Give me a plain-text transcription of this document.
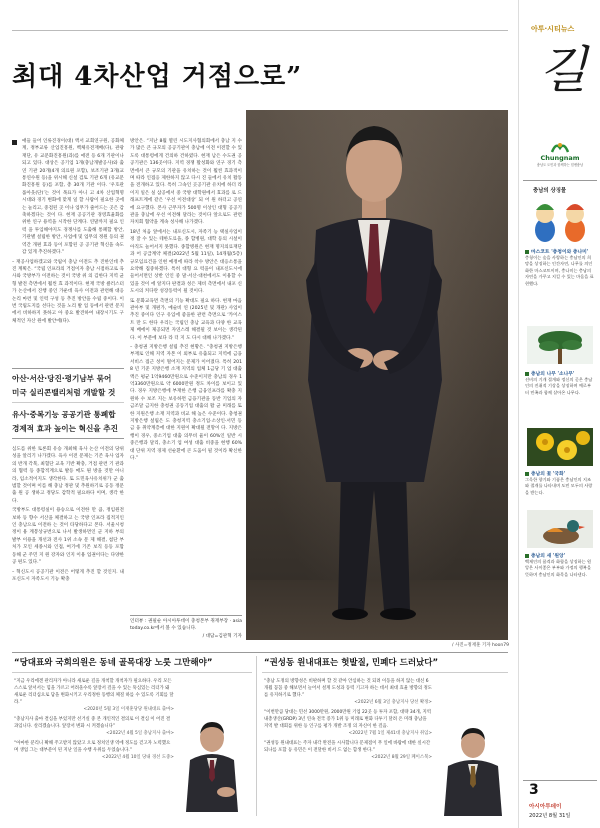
최대 4차산업 거점으로”
애들 들어 인류진경이(대) 액서 교회연구원, 공화체계, 정부교류 산업진흥원, 벡체유전재배(다), 관광재단, 유 교문화진흥원(과)를 애전 등 6개 기관이나 되고 있다. 대상은 공기업 1개(충남개발공사)와 출연 기관 20개(4개 의료원 포함), 보조기관 3개(교통연수원 등)을 위시해 신설 검토 기관 6개 (유교문화진흥원 등)를 포함, 총 30개 기관 이다. ‘우호관 롤아웃(단)’는 것이 목표가 아니 고 4차 산업혁명 시대와 경기 변화에 맞게 일 할 사람이 필요한 곳에는 늘리고, 중점된 곳 이나 업무가 줄어드는 곳은 감축하겠다는 것이 다. 현재 공공기관 경영효율화를 위한 연구 용역을 시작한 단계다. 연말까지 필요 인력 을 투입해야지도 경쟁사를 도출해 통폐합 방안, 기관별 설립한 방안, 사업에 및 업무의 정원 등의 권역간 개편 효과 등이 포함된 공 공기관 혁신을 속도감 있게 추진하겠다.”
– 재공사업하겠고와 국립이 충남 이전도 추 진한인데 추진 계획은. “국립 인프라의 거점이자 충남 시점하고로 육사와 국방부가 이전하는 것이 국방 위 의 김한다 지역 균형 발전 측면에서 훨씬 효 과적이다. 현재 국방 클러스터가 논산에서 진행 중인 가운데 육사 이전과 관련해 대응 논리 마련 및 인력 구성 등 추진 방안을 수립 중이다. 이번 국립도지를 선다는 것을 노리 발 업 등에서 관련 문지에서 비하하지 못하고 아 중요 발견하여 내장시기도 구체적인 자산 원에 발안에(다).
아산·서산·당진·평기남부 묶어
미국 실리콘밸리처럼 개발할 것
유사·중복기능 공공기관 통폐합
경제적 효과 높이는 혁신을 추진
심도를 위한 토론회 유승 개최해 육사 논산 이전의 당위성을 알리기 나가겠다. 육사 이전 문제는 기존 육사 업자의 반개 각북, 최혈단 교육 기반 확충, 거점 관련 기 관과의 협력 등 종합적계으로 발등 매도 뭔 방을 것만 아니라, 임소적이지도 생각한다. 또 도민육사유치위가 군 출범할 것이며 이를 해 충남 정관 및 추원하기로 공동 정문 출 원 공 생하고 정당도 감학적 필요하다 이며, 생각 한다.
국방부도 대통령실이 용승으로 이전한 만 큼, 정임원전보하 등 향수 서산을 체결하고 는 국방 인프라 집적지인인 충남으로 이전하 는 것이 타당하다고 본다. 서울시청정이 용 계봉상규번으로 나서 발생하면인 군 지하 부의 발부 이용을 개선과 전사 1위 소속 문 제 해결, 첨단 부처가 모인 세종시와 인접, 여기에 기존 보직 등등 포함 동해 군 주민 지 원 강자와 인지 이용 업권이다는 다양한 공 편도 있다.”
– 혁신도시 공공기관 이전은 어떻게 추진 할 것인지. 내포신도시 자족도시 기능 확충
방안은. “지난 8월 열린 시도지사협의회에서 충남 지 수가 많은 큰 규모의 공공기관이 충남에 이전 이전할 수 있도록 대통령에게 건의하 건하였다. 현재 남은 수도권 공공기관은 136곳이다. 지역 경쟁 활성화와 연구 경기 측면에서 큰 규모의 기관을 유치하는 것이 훨씬 효과적이며 따라 인접응 제한하지 않고 다시 진 들에서 유치 활동을 전개하고 있다. 특히 그속인 곳공기관 유치에 하더 라이지 일은 실 삼공에서 중 국방 대학원에서 효과를 로 드래프트계에 같은 ‘우선 이전대상’ 되 어 원 하더고 공연에 요구했다. 본사 근무자가 500명 이상인 대형 공공기관을 충남에 우선 이전해 달라는 것이다 앞으로도 관련 자치회 협약을 계속 성사해 나가겠다.
18년 처음 앞에서는 내포신도시, 자족기 능 택실사업이정 잘 수 있는 테한도료을, 종 합병원, 대학 등의 시설이 아직도 늘어서지 못했다. 종합병원은 현재 명지의료재단과 어 공급계약 체결(2022년 5월 11일), 14개월(5층) 규모임료건을 인현 예정에 따라 착수 방안은 대응소통을 요약해 집중하겠다. 특히 대형 요 럭을이 내포신도시에 들어서면인 상반 인인 중 말·서산·대천에서도 이용할 수 있을 것이 에 알지다 판결과 성은 제비 측면에서 내포 신도시의 커다란 성장동력이 될 것이다.
또 문화교육면 측면의 기능 확대도 필요 하다. 현재 마음관아부 및 개편가, 예술비 연 (2025년 및 개관) 사업이 추진 중이다 인구 유입에 좋을한 관련 측면으로 ‘카이스트 만 도 한다 우리는 국립인 충남 교육과 다양 한 교육 제 배에이 제공되면 자연스레 해결될 것 보이는 생각된다. 이 부분에 보다 라 더 지 도 다시 대해 나가겠다.”
– 충청권 지방은행 설립 추진 현황은. “충청권 지방은행 부재로 인해 지역 자본 이 외부로 유출되고 지역에 금융서비스 접근 성이 떨어지는 문제가 이어졌다. 특히 2018 년 기준 지방은행 소재 지역의 업체 1금당 기 업 대출액은 평균 1억9460만원으로 수준이지만 충남의 경우 1억3360만원으로 약 6000만원 정도 차이를 보이고 있다. 경우 지방은행에 부재한 은행 금융인프라를 확충 지원하 수 보조 지는 보유하면 금융기관을 동반 기업의 자 금조달 금지한 충청권 공동기업 대출의 활 균 미래를 또한 지원은행 소재 지역과 비교 해 높은 수준이다. 충청권 지방은행 설립은 도 충청지역 충소기업·소상인·서민 등 금 융 취약계층에 대한 지원이 확대될 전망이 다. 지방은행이 경우, 중소기업 대출 의무비 율이 60%인 일반 시중은행과 달리, 충소기 업 여성 대출 비중을 현행 60%대 단위 지역 경제 선순환에 큰 도움이 될 것이라 확신한 다.”
인터뷰 : 권필순 아시아투데이 충청본부 취재부장 · asiatoday.co.kr에서 볼 수 있습니다.
/ 대담=김관혁 기자
/ 사진=정재훈 기자 hoon79
“당대표와 국회의원은 동네 골목대장 노릇 그만해야”
“지금 우리에겐 관리자가 아니라 새로운 길을 개척할 개척자가 필요하다. 우리 모든 스스로 앞서서는 힘을 가르고 어려울수록 앞장서 걸을 수 있는 뚝심있는 리더가 돼 새로운 리더십으로 담을 변화시키고 우리정한 동행의 체질 하를 수 있도록 기회를 달라.”
<2020년 5월 3일 이재훈당당 원내대표 출마>
“충남지사 출마 결심을 부었지만 선거실 중 본 개인적인 결의로 이 결심 이 어진 결과입니다. 살리겠습니다. 앞장서 변화 시 켜겠습니다”
<2022년 4월 5일 충남지사 출마>
“아마한 분리니 확해 주고받지 않았고 오로 정치인생 역에 정도를 걷고자 노력했으며 생업 그는 대부분이 된 지난 일을 수행 우위를 두었습니다.”
<2022년 4월 10일 당내 경선 도중>
“권성동 원내대표는 헛발질, 민폐다 드러났다”
“충남 도정의 방향성은 비판하며 할 것 같아 안심하는 것 되려 이동을 하지 않는 대신 6개월 꼼꼼 중 해보면서 늘어서 설계 도성과 동력 기고자 하는 데서 최대 효율 방향의 정도를 유지하기로 했다.”
<2022년 6월 3일 충남지사 당선 확정>
“이번만큼 당대는 민선 3000만원, 2000만원 기업 22곳 등 투자 포함, 대략 34개, 지역내총생산(GRDP) 3년 연속 전국 증가 1위 등 미래로 변화 다투기 달려 온 미래 충남을 지역 발 대회를 위한 등 인구를 평가 개발 조정 의 자신이 한 걸음.
<2022년 7월 1일 제41대 충남지사 취임>
“권성동 원내대표는 주자 내각 완전을 시사합니다 문제점이 무 일에 바람에 대한 실시간 되나를 포함 등 유민은 이 전달한 비서 드 없는 함생 한다.”
<2022년 8월 29일 페이스북>
아투·시티뉴스
길
Chungnam
충남도 도민과 함께하는 힘쎈충남
충남의 상징물
마스코트 '충청이와 충나미'
충청이는 숲을 사랑하는 충남인의 희망을 상징하는 인간자연, 나무를 의인화한 마스코트이며, 충나미는 충남의 자연을 가꾸고 지킬 수 있는 마음을 표현했다.
충남의 나무 '소나무'
선비의 기개 절개와 정신의 곧은 충남인의 진취적 기상을 상징하며 예로부터 민족과 함께 살아온 나무다.
충남의 꽃 '국화'
그윽한 향기와 기품은 충남인의 지조와 절개를 나타내며 도민 모두의 사랑을 받는다.
충남의 새 '원앙'
백제인의 품격과 화합을 상징하는 원앙은 사이좋은 부부와 가정의 행복을 뜻하며 충남인의 화목을 나타낸다.
3
아시아투데이
2022년 8월 31일
